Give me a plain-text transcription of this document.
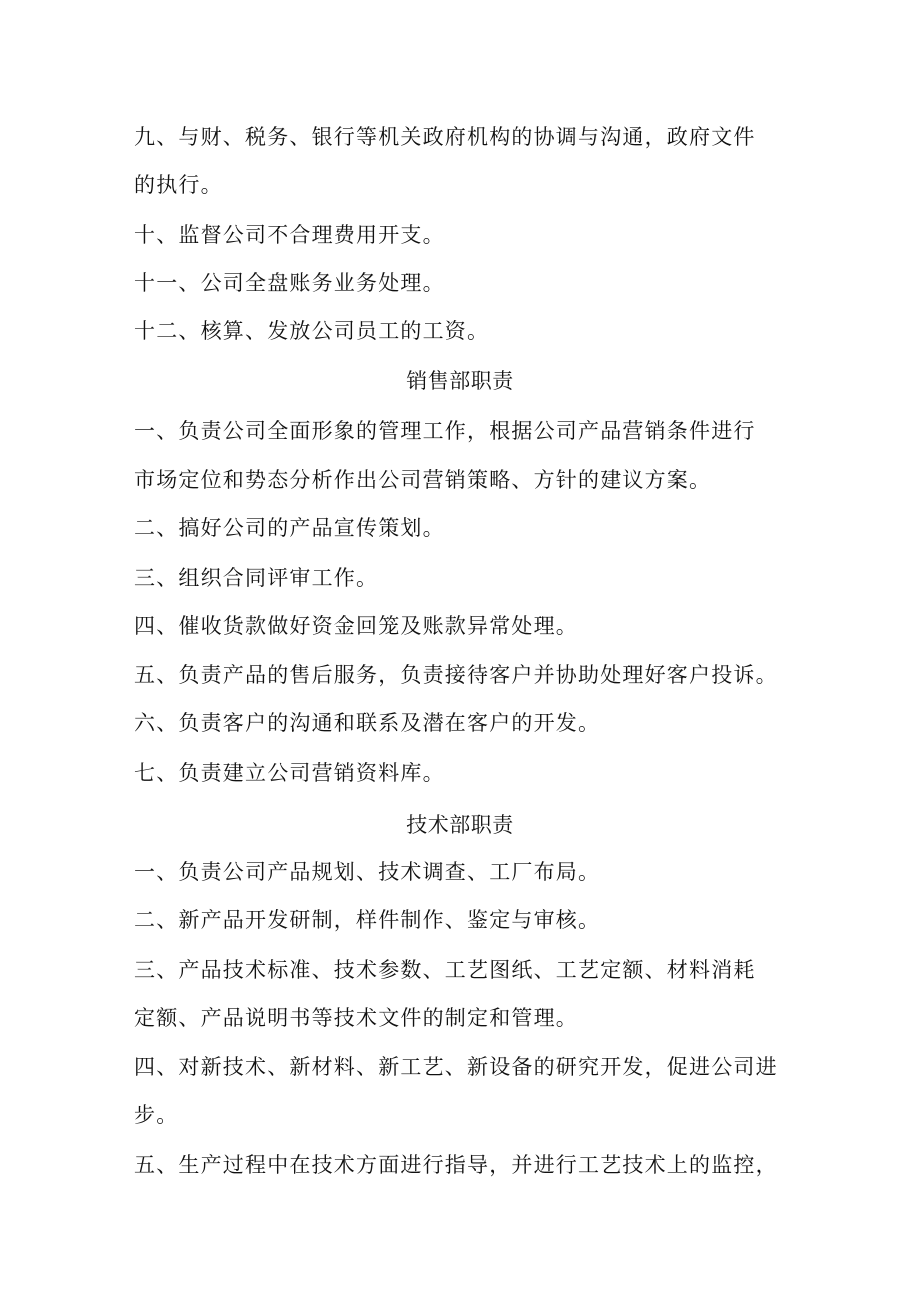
九、与财、税务、银行等机关政府机构的协调与沟通，政府文件
的执行。
十、监督公司不合理费用开支。
十一、公司全盘账务业务处理。
十二、核算、发放公司员工的工资。
销售部职责
一、负责公司全面形象的管理工作，根据公司产品营销条件进行
市场定位和势态分析作出公司营销策略、方针的建议方案。
二、搞好公司的产品宣传策划。
三、组织合同评审工作。
四、催收货款做好资金回笼及账款异常处理。
五、负责产品的售后服务，负责接待客户并协助处理好客户投诉。
六、负责客户的沟通和联系及潜在客户的开发。
七、负责建立公司营销资料库。
技术部职责
一、负责公司产品规划、技术调查、工厂布局。
二、新产品开发研制，样件制作、鉴定与审核。
三、产品技术标准、技术参数、工艺图纸、工艺定额、材料消耗
定额、产品说明书等技术文件的制定和管理。
四、对新技术、新材料、新工艺、新设备的研究开发，促进公司进
步。
五、生产过程中在技术方面进行指导，并进行工艺技术上的监控，
